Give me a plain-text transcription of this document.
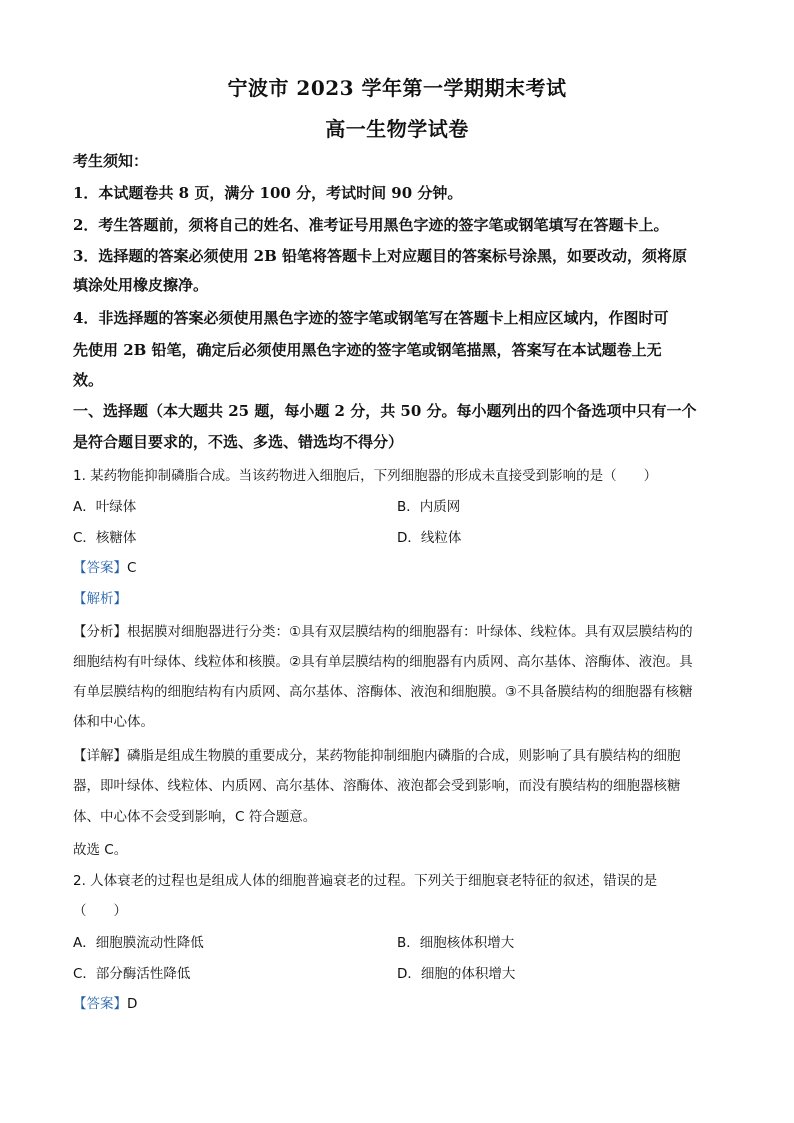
宁波市 2023 学年第一学期期末考试
高一生物学试卷
考生须知：
1．本试题卷共 8 页，满分 100 分，考试时间 90 分钟。
2．考生答题前，须将自己的姓名、准考证号用黑色字迹的签字笔或钢笔填写在答题卡上。
3．选择题的答案必须使用 2B 铅笔将答题卡上对应题目的答案标号涂黑，如要改动，须将原
填涂处用橡皮擦净。
4．非选择题的答案必须使用黑色字迹的签字笔或钢笔写在答题卡上相应区域内，作图时可
先使用 2B 铅笔，确定后必须使用黑色字迹的签字笔或钢笔描黑，答案写在本试题卷上无
效。
一、选择题（本大题共 25 题，每小题 2 分，共 50 分。每小题列出的四个备选项中只有一个
是符合题目要求的，不选、多选、错选均不得分）
1. 某药物能抑制磷脂合成。当该药物进入细胞后，下列细胞器的形成未直接受到影响的是（　　）
A．叶绿体	B．内质网
C．核糖体	D．线粒体
【答案】C
【解析】
【分析】根据膜对细胞器进行分类：①具有双层膜结构的细胞器有：叶绿体、线粒体。具有双层膜结构的
细胞结构有叶绿体、线粒体和核膜。②具有单层膜结构的细胞器有内质网、高尔基体、溶酶体、液泡。具
有单层膜结构的细胞结构有内质网、高尔基体、溶酶体、液泡和细胞膜。③不具备膜结构的细胞器有核糖
体和中心体。
【详解】磷脂是组成生物膜的重要成分，某药物能抑制细胞内磷脂的合成，则影响了具有膜结构的细胞
器，即叶绿体、线粒体、内质网、高尔基体、溶酶体、液泡都会受到影响，而没有膜结构的细胞器核糖
体、中心体不会受到影响，C 符合题意。
故选 C。
2. 人体衰老的过程也是组成人体的细胞普遍衰老的过程。下列关于细胞衰老特征的叙述，错误的是
（　　）
A．细胞膜流动性降低	B．细胞核体积增大
C．部分酶活性降低	D．细胞的体积增大
【答案】D
